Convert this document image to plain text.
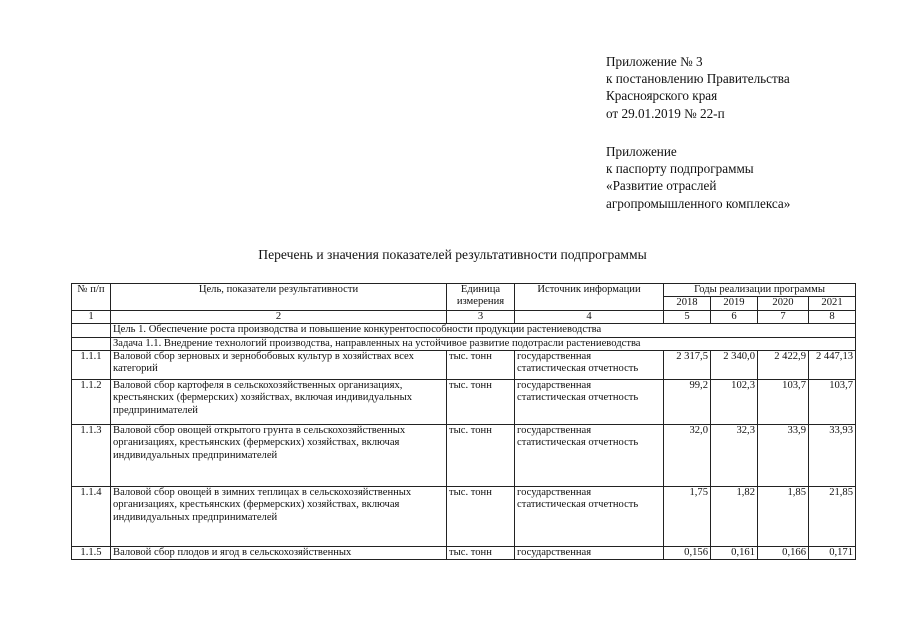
Приложение № 3
к постановлению Правительства
Красноярского края
от 29.01.2019 № 22-п
Приложение
к паспорту подпрограммы
«Развитие отраслей
агропромышленного комплекса»
Перечень и значения показателей результативности подпрограммы
№ п/п	Цель, показатели результативности	Единица измерения	Источник информации	Годы реализации программы			
				2018	2019	2020	2021
1	2	3	4	5	6	7	8
	Цель 1. Обеспечение роста производства и повышение конкурентоспособности продукции растениеводства						
	Задача 1.1. Внедрение технологий производства, направленных на устойчивое развитие подотрасли растениеводства						
1.1.1	Валовой сбор зерновых и зернобобовых культур в хозяйствах всех категорий	тыс. тонн	государственная статистическая отчетность	2 317,5	2 340,0	2 422,9	2 447,13
1.1.2	Валовой сбор картофеля в сельскохозяйственных организациях, крестьянских (фермерских) хозяйствах, включая индивидуальных предпринимателей	тыс. тонн	государственная статистическая отчетность	99,2	102,3	103,7	103,7
1.1.3	Валовой сбор овощей открытого грунта в сельскохозяйственных организациях, крестьянских (фермерских) хозяйствах, включая индивидуальных предпринимателей	тыс. тонн	государственная статистическая отчетность	32,0	32,3	33,9	33,93
1.1.4	Валовой сбор овощей в зимних теплицах в сельскохозяйственных организациях, крестьянских (фермерских) хозяйствах, включая индивидуальных предпринимателей	тыс. тонн	государственная статистическая отчетность	1,75	1,82	1,85	21,85
1.1.5	Валовой сбор плодов и ягод в сельскохозяйственных	тыс. тонн	государственная	0,156	0,161	0,166	0,171
